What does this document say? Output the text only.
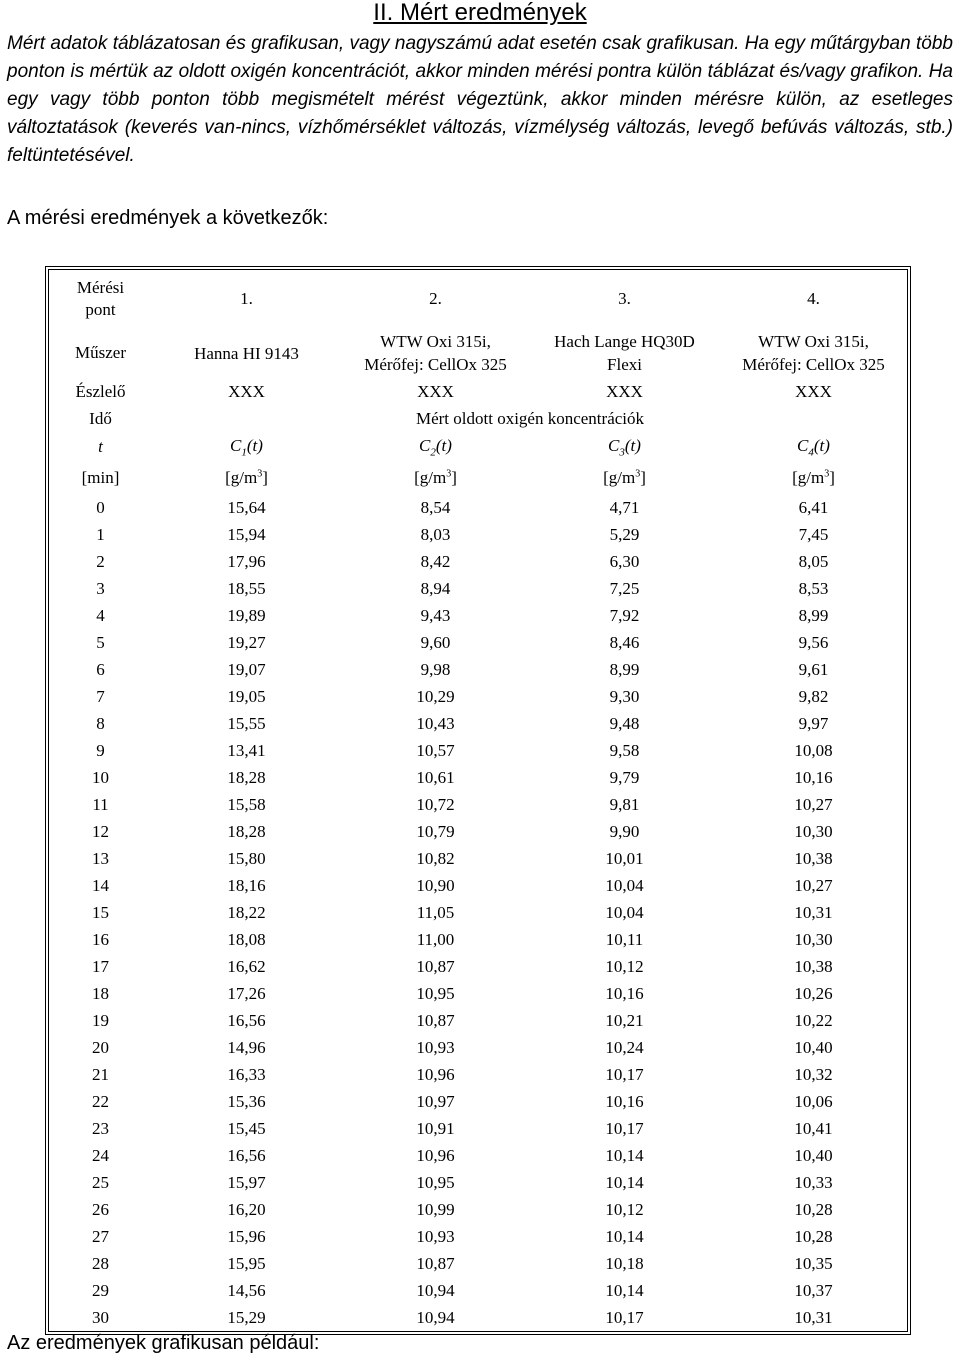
II. Mért eredmények

Mért adatok táblázatosan és grafikusan, vagy nagyszámú adat esetén csak grafikusan. Ha egy műtárgyban több ponton is mértük az oldott oxigén koncentrációt, akkor minden mérési pontra külön táblázat és/vagy grafikon. Ha egy vagy több ponton több megismételt mérést végeztünk, akkor minden mérésre külön, az esetleges változtatások (keverés van-nincs, vízhőmérséklet változás, vízmélység változás, levegő befúvás változás, stb.) feltüntetésével.

A mérési eredmények a következők:
Mérési
pont	1.	2.	3.	4.
Műszer	Hanna HI 9143	WTW Oxi 315i,
Mérőfej: CellOx 325	Hach Lange HQ30D
Flexi	WTW Oxi 315i,
Mérőfej: CellOx 325
Észlelő	XXX	XXX	XXX	XXX
Idő	Mért oldott oxigén koncentrációk			
t	$C_1(t)$	$C_2(t)$	$C_3(t)$	$C_4(t)$
[min]	$[g/m^3]$	$[g/m^3]$	$[g/m^3]$	$[g/m^3]$
0	15,64	8,54	4,71	6,41
1	15,94	8,03	5,29	7,45
2	17,96	8,42	6,30	8,05
3	18,55	8,94	7,25	8,53
4	19,89	9,43	7,92	8,99
5	19,27	9,60	8,46	9,56
6	19,07	9,98	8,99	9,61
7	19,05	10,29	9,30	9,82
8	15,55	10,43	9,48	9,97
9	13,41	10,57	9,58	10,08
10	18,28	10,61	9,79	10,16
11	15,58	10,72	9,81	10,27
12	18,28	10,79	9,90	10,30
13	15,80	10,82	10,01	10,38
14	18,16	10,90	10,04	10,27
15	18,22	11,05	10,04	10,31
16	18,08	11,00	10,11	10,30
17	16,62	10,87	10,12	10,38
18	17,26	10,95	10,16	10,26
19	16,56	10,87	10,21	10,22
20	14,96	10,93	10,24	10,40
21	16,33	10,96	10,17	10,32
22	15,36	10,97	10,16	10,06
23	15,45	10,91	10,17	10,41
24	16,56	10,96	10,14	10,40
25	15,97	10,95	10,14	10,33
26	16,20	10,99	10,12	10,28
27	15,96	10,93	10,14	10,28
28	15,95	10,87	10,18	10,35
29	14,56	10,94	10,14	10,37
30	15,29	10,94	10,17	10,31
Az eredmények grafikusan például:
